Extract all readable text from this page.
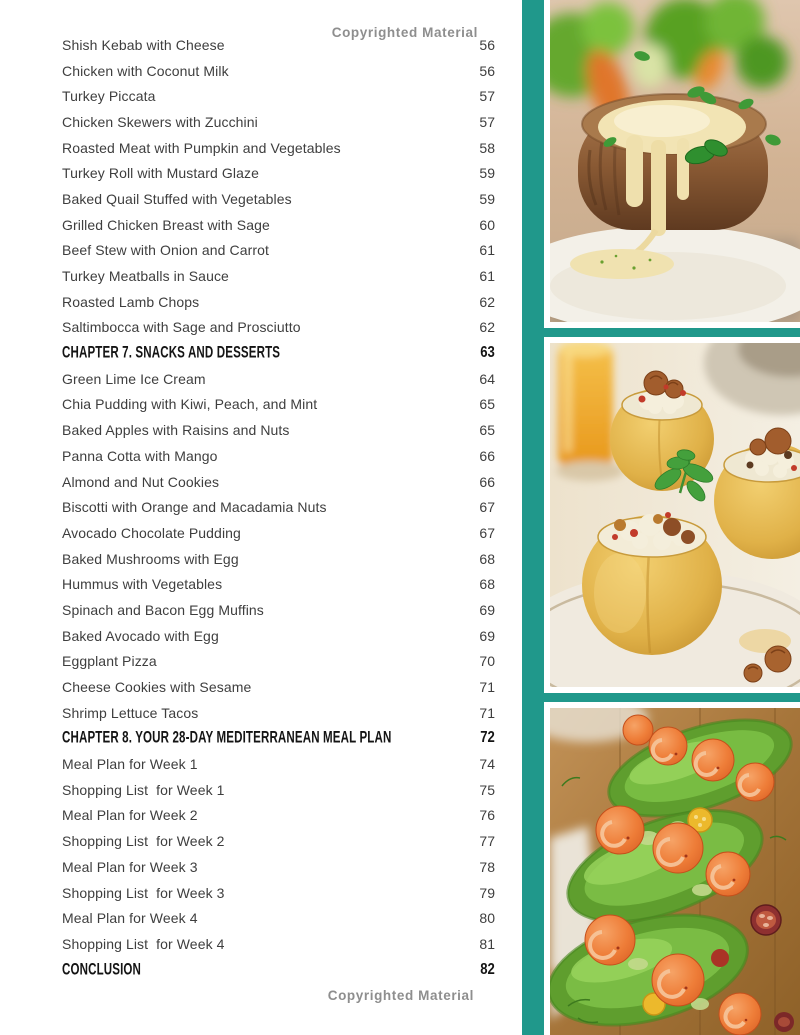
Copyrighted Material
Shish Kebab with Cheese	56
Chicken with Coconut Milk	56
Turkey Piccata	57
Chicken Skewers with Zucchini	57
Roasted Meat with Pumpkin and Vegetables	58
Turkey Roll with Mustard Glaze	59
Baked Quail Stuffed with Vegetables	59
Grilled Chicken Breast with Sage	60
Beef Stew with Onion and Carrot	61
Turkey Meatballs in Sauce	61
Roasted Lamb Chops	62
Saltimbocca with Sage and Prosciutto	62
CHAPTER 7. SNACKS AND DESSERTS	63
Green Lime Ice Cream	64
Chia Pudding with Kiwi, Peach, and Mint	65
Baked Apples with Raisins and Nuts	65
Panna Cotta with Mango	66
Almond and Nut Cookies	66
Biscotti with Orange and Macadamia Nuts	67
Avocado Chocolate Pudding	67
Baked Mushrooms with Egg	68
Hummus with Vegetables	68
Spinach and Bacon Egg Muffins	69
Baked Avocado with Egg	69
Eggplant Pizza	70
Cheese Cookies with Sesame	71
Shrimp Lettuce Tacos	71
CHAPTER 8. YOUR 28-DAY MEDITERRANEAN MEAL PLAN	72
Meal Plan for Week 1	74
Shopping List  for Week 1	75
Meal Plan for Week 2	76
Shopping List  for Week 2	77
Meal Plan for Week 3	78
Shopping List  for Week 3	79
Meal Plan for Week 4	80
Shopping List  for Week 4	81
CONCLUSION	82
Copyrighted Material
